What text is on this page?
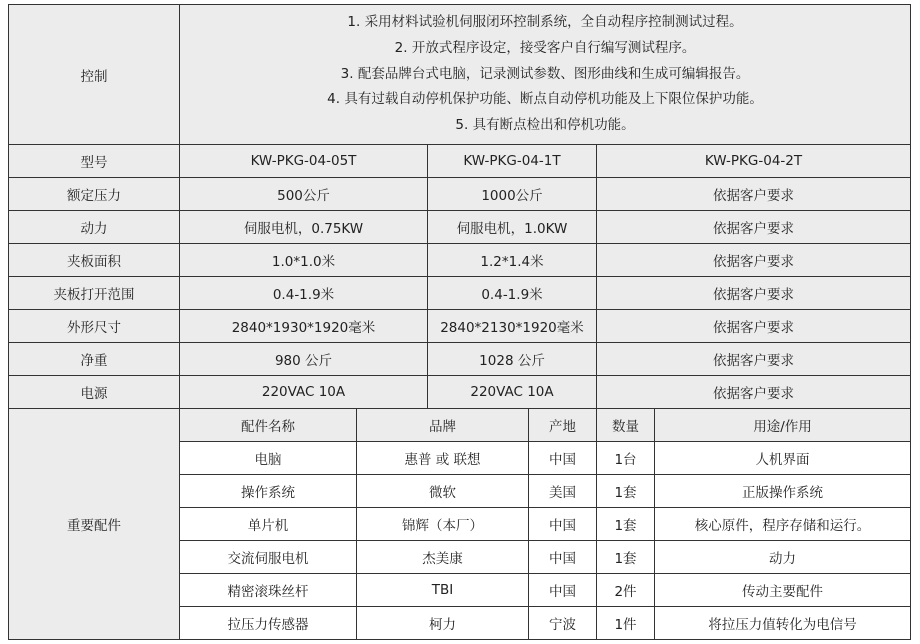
控制	1. 采用材料试验机伺服闭环控制系统，全自动程序控制测试过程。
2. 开放式程序设定，接受客户自行编写测试程序。
3. 配套品牌台式电脑，记录测试参数、图形曲线和生成可编辑报告。
4. 具有过载自动停机保护功能、断点自动停机功能及上下限位保护功能。
5. 具有断点检出和停机功能。					

型号	KW-PKG-04-05T		KW-PKG-04-1T		KW-PKG-04-2T	
额定压力	500公斤		1000公斤		依据客户要求	
动力	伺服电机，0.75KW		伺服电机，1.0KW		依据客户要求	
夹板面积	1.0*1.0米		1.2*1.4米		依据客户要求	
夹板打开范围	0.4-1.9米		0.4-1.9米		依据客户要求	
外形尺寸	2840*1930*1920毫米		2840*2130*1920毫米		依据客户要求	
净重	980 公斤		1028 公斤		依据客户要求	
电源	220VAC 10A		220VAC 10A		依据客户要求	
重要配件	配件名称	品牌		产地	数量	用途/作用
	电脑	惠普 或 联想		中国	1台	人机界面
	操作系统	微软		美国	1套	正版操作系统
	单片机	锦辉（本厂）		中国	1套	核心原件，程序存储和运行。
	交流伺服电机	杰美康		中国	1套	动力
	精密滚珠丝杆	TBI		中国	2件	传动主要配件
	拉压力传感器	柯力		宁波	1件	将拉压力值转化为电信号
